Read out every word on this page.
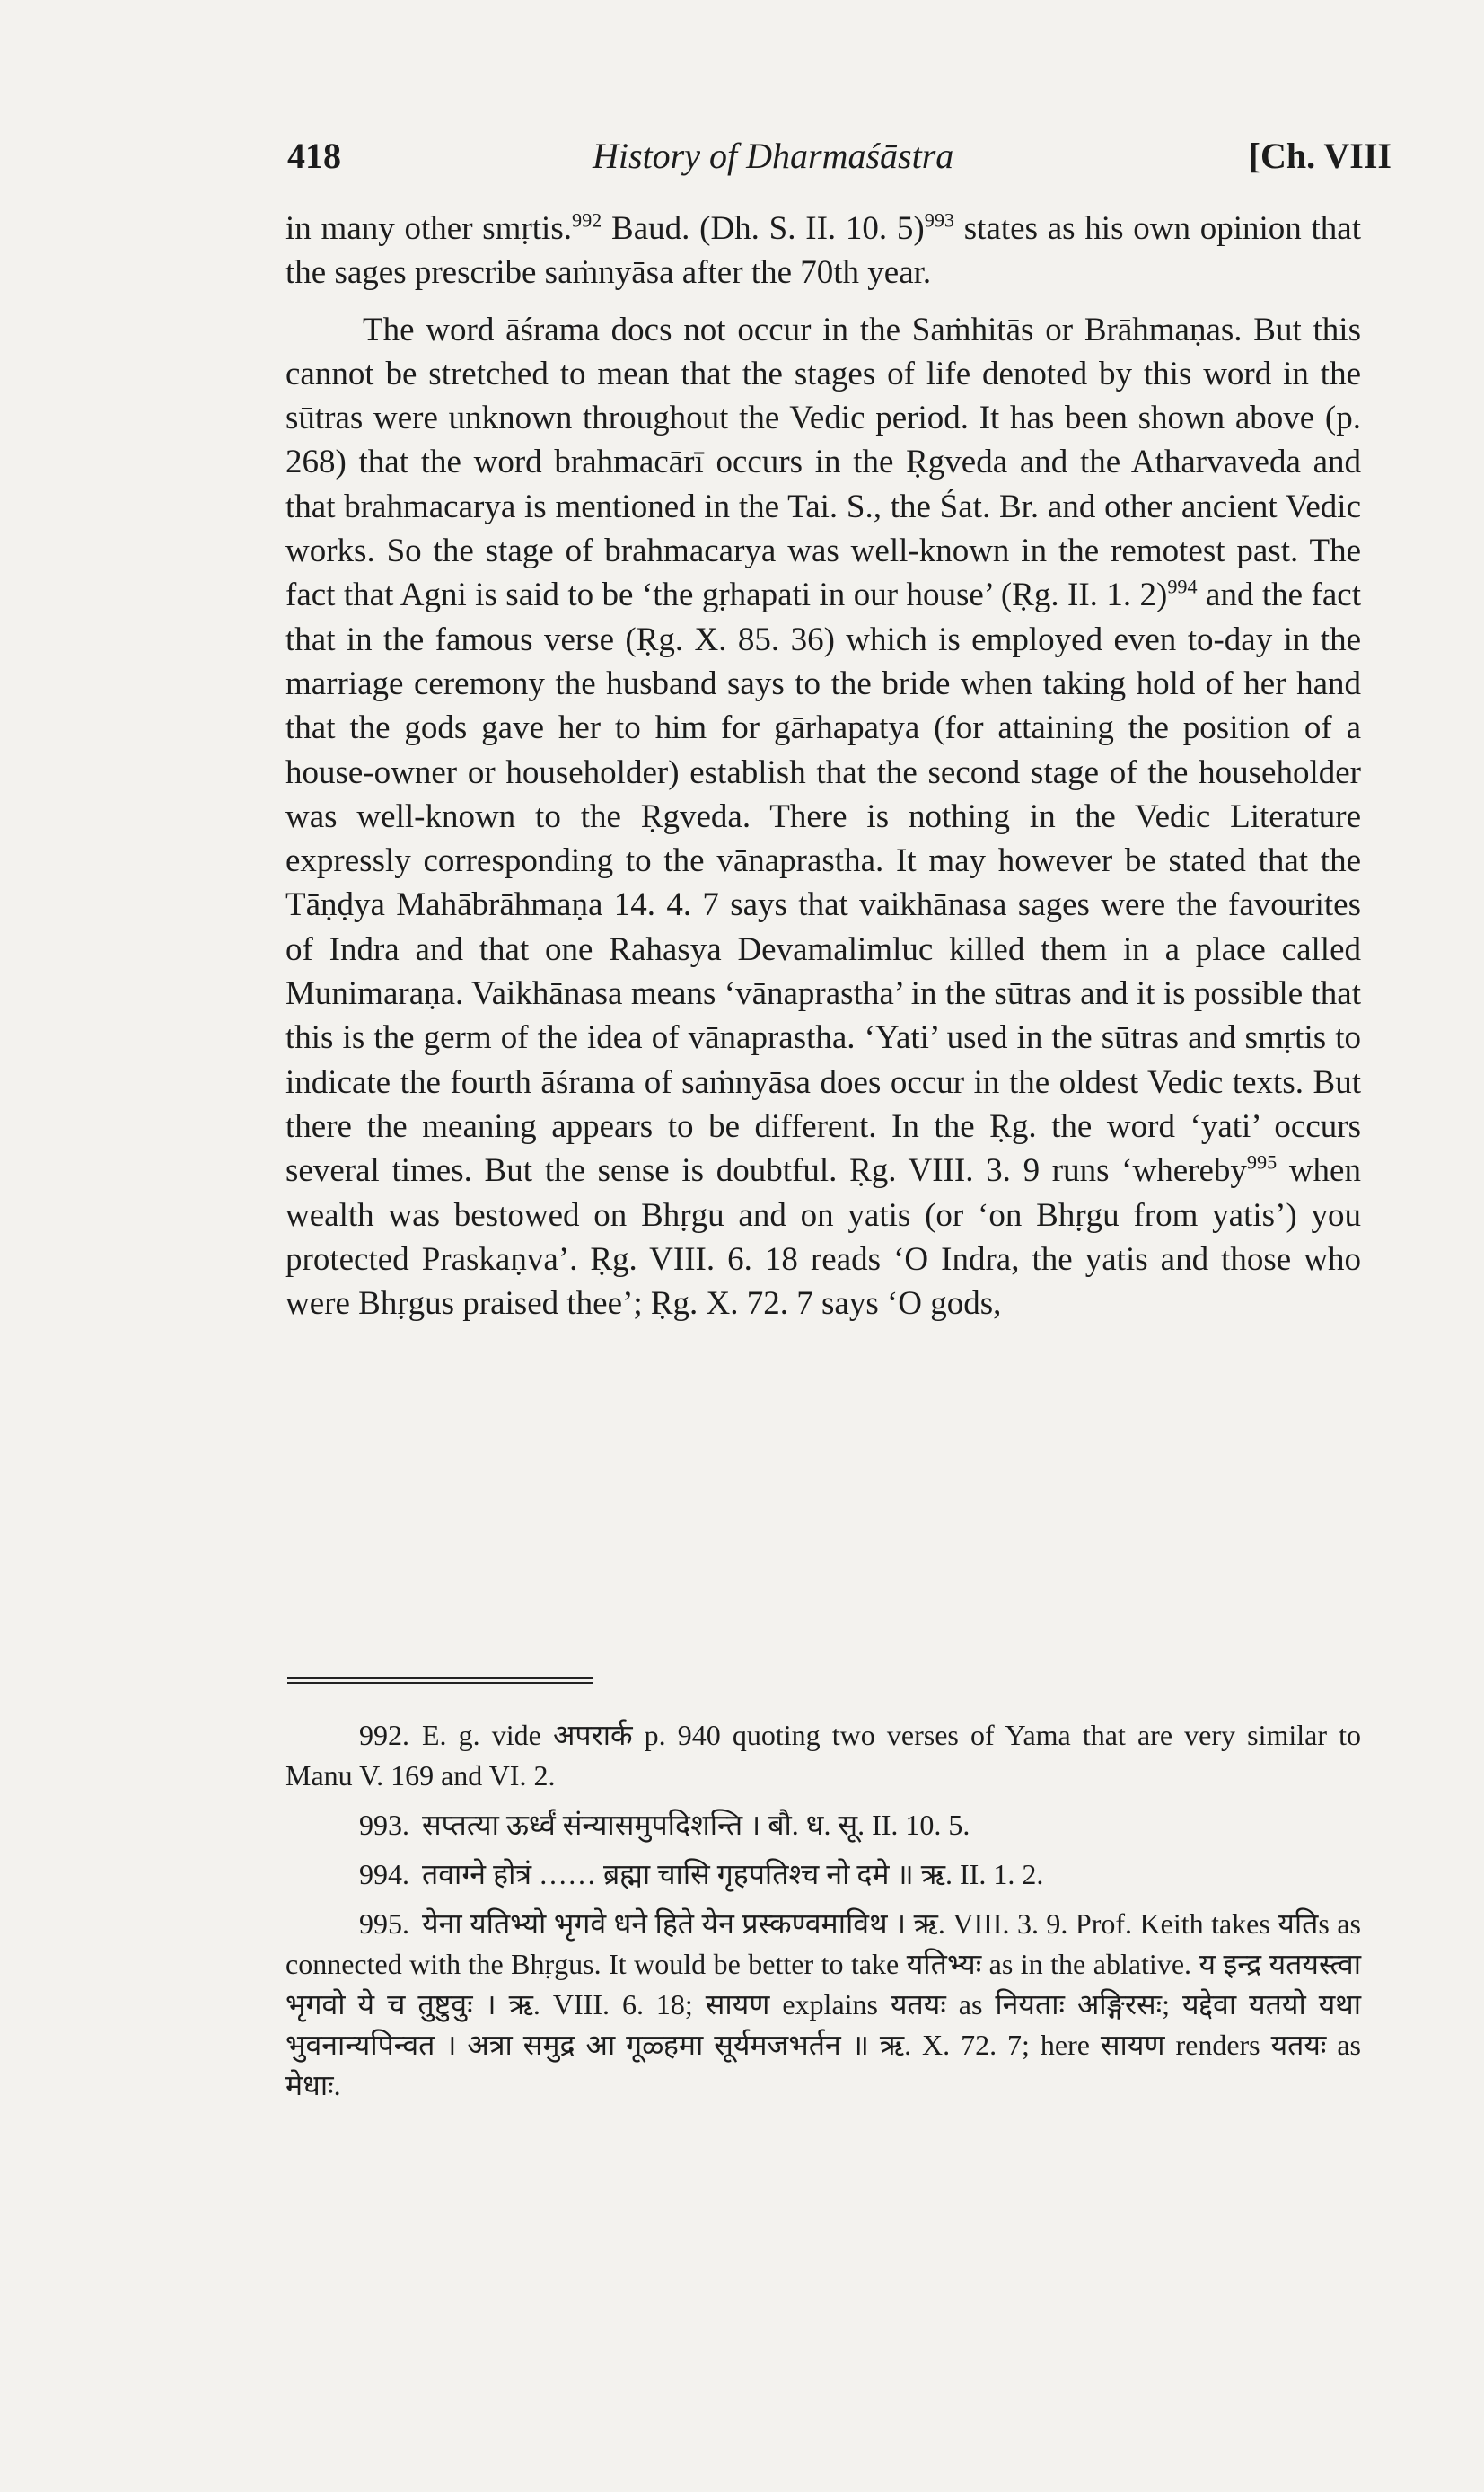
418	History of Dharmaśāstra	[Ch. VIII

in many other smṛtis.$^{992}$ Baud. (Dh. S. II. 10. 5)$^{993}$ states as his own opinion that the sages prescribe saṁnyāsa after the 70th year.

The word āśrama docs not occur in the Saṁhitās or Brāhmaṇas. But this cannot be stretched to mean that the stages of life denoted by this word in the sūtras were unknown throughout the Vedic period. It has been shown above (p. 268) that the word brahmacārī occurs in the Ṛgveda and the Atharvaveda and that brahmacarya is mentioned in the Tai. S., the Śat. Br. and other ancient Vedic works. So the stage of brahmacarya was well-known in the remotest past. The fact that Agni is said to be ‘the gṛhapati in our house’ (Ṛg. II. 1. 2)$^{994}$ and the fact that in the famous verse (Ṛg. X. 85. 36) which is employed even to-day in the marriage ceremony the husband says to the bride when taking hold of her hand that the gods gave her to him for gārhapatya (for attaining the position of a house-owner or householder) establish that the second stage of the householder was well-known to the Ṛgveda. There is nothing in the Vedic Literature expressly corresponding to the vānaprastha. It may however be stated that the Tāṇḍya Mahābrāhmaṇa 14. 4. 7 says that vaikhānasa sages were the favourites of Indra and that one Rahasya Devamalimluc killed them in a place called Munimaraṇa. Vaikhānasa means ‘vānaprastha’ in the sūtras and it is possible that this is the germ of the idea of vānaprastha. ‘Yati’ used in the sūtras and smṛtis to indicate the fourth āśrama of saṁnyāsa does occur in the oldest Vedic texts. But there the meaning appears to be different. In the Ṛg. the word ‘yati’ occurs several times. But the sense is doubtful. Ṛg. VIII. 3. 9 runs ‘whereby$^{995}$ when wealth was bestowed on Bhṛgu and on yatis (or ‘on Bhṛgu from yatis’) you protected Praskaṇva’. Ṛg. VIII. 6. 18 reads ‘O Indra, the yatis and those who were Bhṛgus praised thee’; Ṛg. X. 72. 7 says ‘O gods,

992. E. g. vide अपरार्क p. 940 quoting two verses of Yama that are very similar to Manu V. 169 and VI. 2.

993. सप्तत्या ऊर्ध्वं संन्यासमुपदिशन्ति । बौ. ध. सू. II. 10. 5.

994. तवाग्ने होत्रं …… ब्रह्मा चासि गृहपतिश्च नो दमे ॥ ऋ. II. 1. 2.

995. येना यतिभ्यो भृगवे धने हिते येन प्रस्कण्वमाविथ । ऋ. VIII. 3. 9. Prof. Keith takes यतिs as connected with the Bhṛgus. It would be better to take यतिभ्यः as in the ablative. य इन्द्र यतयस्त्वा भृगवो ये च तुष्टुवुः । ऋ. VIII. 6. 18; सायण explains यतयः as नियताः अङ्गिरसः; यद्देवा यतयो यथा भुवनान्यपिन्वत । अत्रा समुद्र आ गूळ्हमा सूर्यमजभर्तन ॥ ऋ. X. 72. 7; here सायण renders यतयः as मेधाः.
